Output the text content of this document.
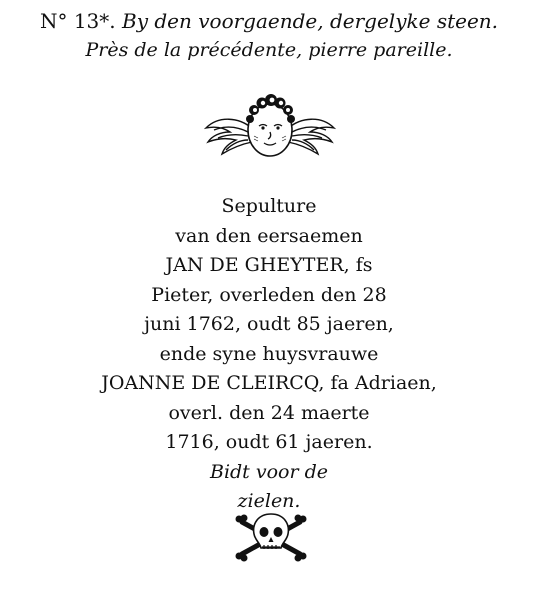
N° 13*. By den voorgaende, dergelyke steen.
Près de la précédente, pierre pareille.
Sepulture
van den eersaemen
JAN DE GHEYTER, fs
Pieter, overleden den 28
juni 1762, oudt 85 jaeren,
ende syne huysvrauwe
JOANNE DE CLEIRCQ, fa Adriaen,
overl. den 24 maerte
1716, oudt 61 jaeren.
Bidt voor de
zielen.
